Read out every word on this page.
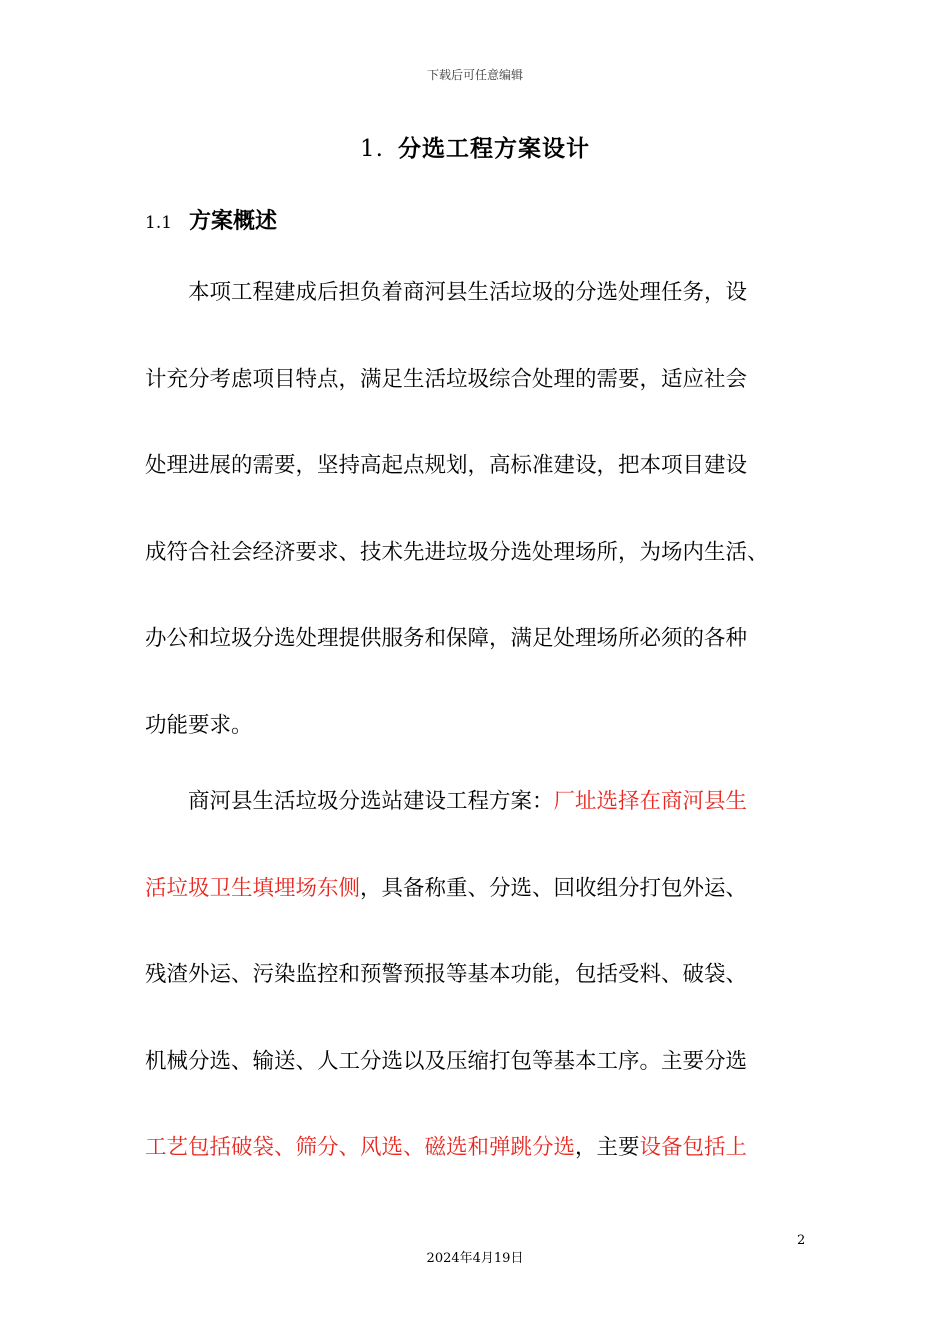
下载后可任意编辑
1. 分选工程方案设计
1.1 方案概述
本项工程建成后担负着商河县生活垃圾的分选处理任务，设
计充分考虑项目特点，满足生活垃圾综合处理的需要，适应社会
处理进展的需要，坚持高起点规划，高标准建设，把本项目建设
成符合社会经济要求、技术先进垃圾分选处理场所，为场内生活、
办公和垃圾分选处理提供服务和保障，满足处理场所必须的各种
功能要求。
商河县生活垃圾分选站建设工程方案：厂址选择在商河县生
活垃圾卫生填埋场东侧，具备称重、分选、回收组分打包外运、
残渣外运、污染监控和预警预报等基本功能，包括受料、破袋、
机械分选、输送、人工分选以及压缩打包等基本工序。主要分选
工艺包括破袋、筛分、风选、磁选和弹跳分选，主要设备包括上
2
2024年4月19日
